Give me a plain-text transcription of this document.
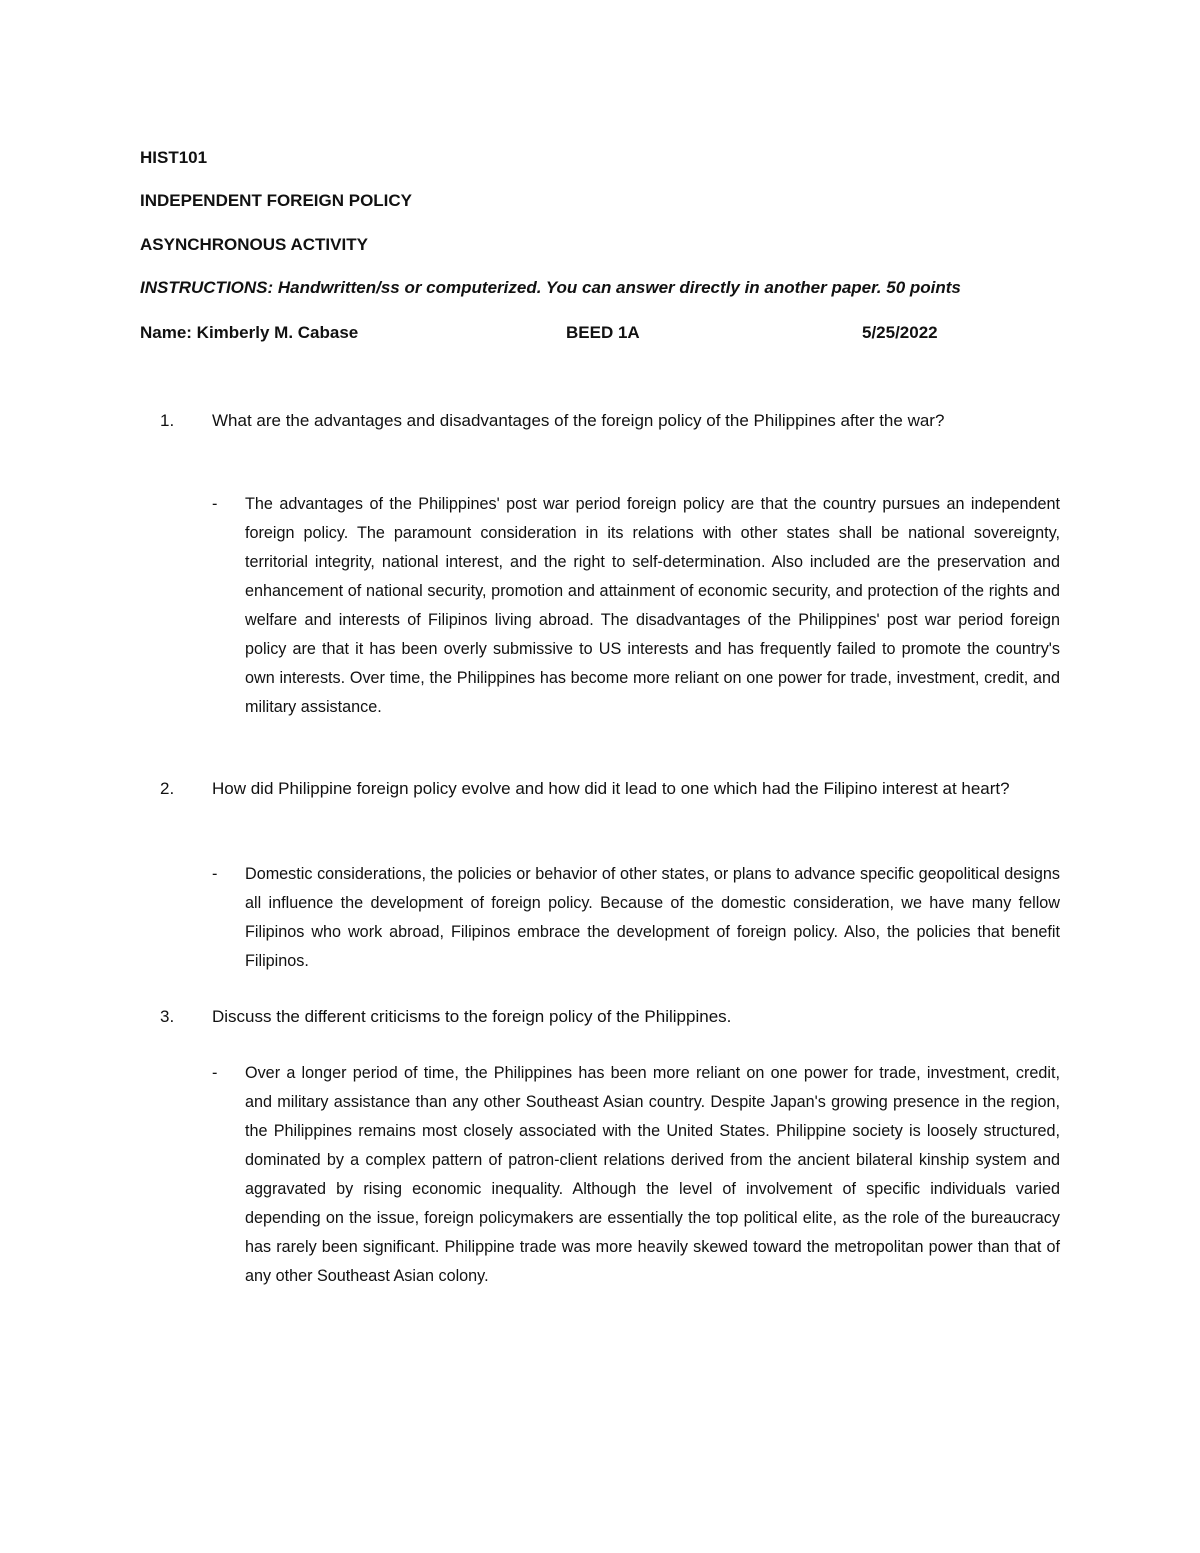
HIST101
INDEPENDENT FOREIGN POLICY
ASYNCHRONOUS ACTIVITY
INSTRUCTIONS: Handwritten/ss or computerized. You can answer directly in another paper. 50 points
Name: Kimberly M. Cabase	BEED 1A	5/25/2022
1. What are the advantages and disadvantages of the foreign policy of the Philippines after the war?
- The advantages of the Philippines' post war period foreign policy are that the country pursues an independent foreign policy. The paramount consideration in its relations with other states shall be national sovereignty, territorial integrity, national interest, and the right to self-determination. Also included are the preservation and enhancement of national security, promotion and attainment of economic security, and protection of the rights and welfare and interests of Filipinos living abroad. The disadvantages of the Philippines' post war period foreign policy are that it has been overly submissive to US interests and has frequently failed to promote the country's own interests. Over time, the Philippines has become more reliant on one power for trade, investment, credit, and military assistance.
2. How did Philippine foreign policy evolve and how did it lead to one which had the Filipino interest at heart?
- Domestic considerations, the policies or behavior of other states, or plans to advance specific geopolitical designs all influence the development of foreign policy. Because of the domestic consideration, we have many fellow Filipinos who work abroad, Filipinos embrace the development of foreign policy. Also, the policies that benefit Filipinos.
3. Discuss the different criticisms to the foreign policy of the Philippines.
- Over a longer period of time, the Philippines has been more reliant on one power for trade, investment, credit, and military assistance than any other Southeast Asian country. Despite Japan's growing presence in the region, the Philippines remains most closely associated with the United States. Philippine society is loosely structured, dominated by a complex pattern of patron-client relations derived from the ancient bilateral kinship system and aggravated by rising economic inequality. Although the level of involvement of specific individuals varied depending on the issue, foreign policymakers are essentially the top political elite, as the role of the bureaucracy has rarely been significant. Philippine trade was more heavily skewed toward the metropolitan power than that of any other Southeast Asian colony.
